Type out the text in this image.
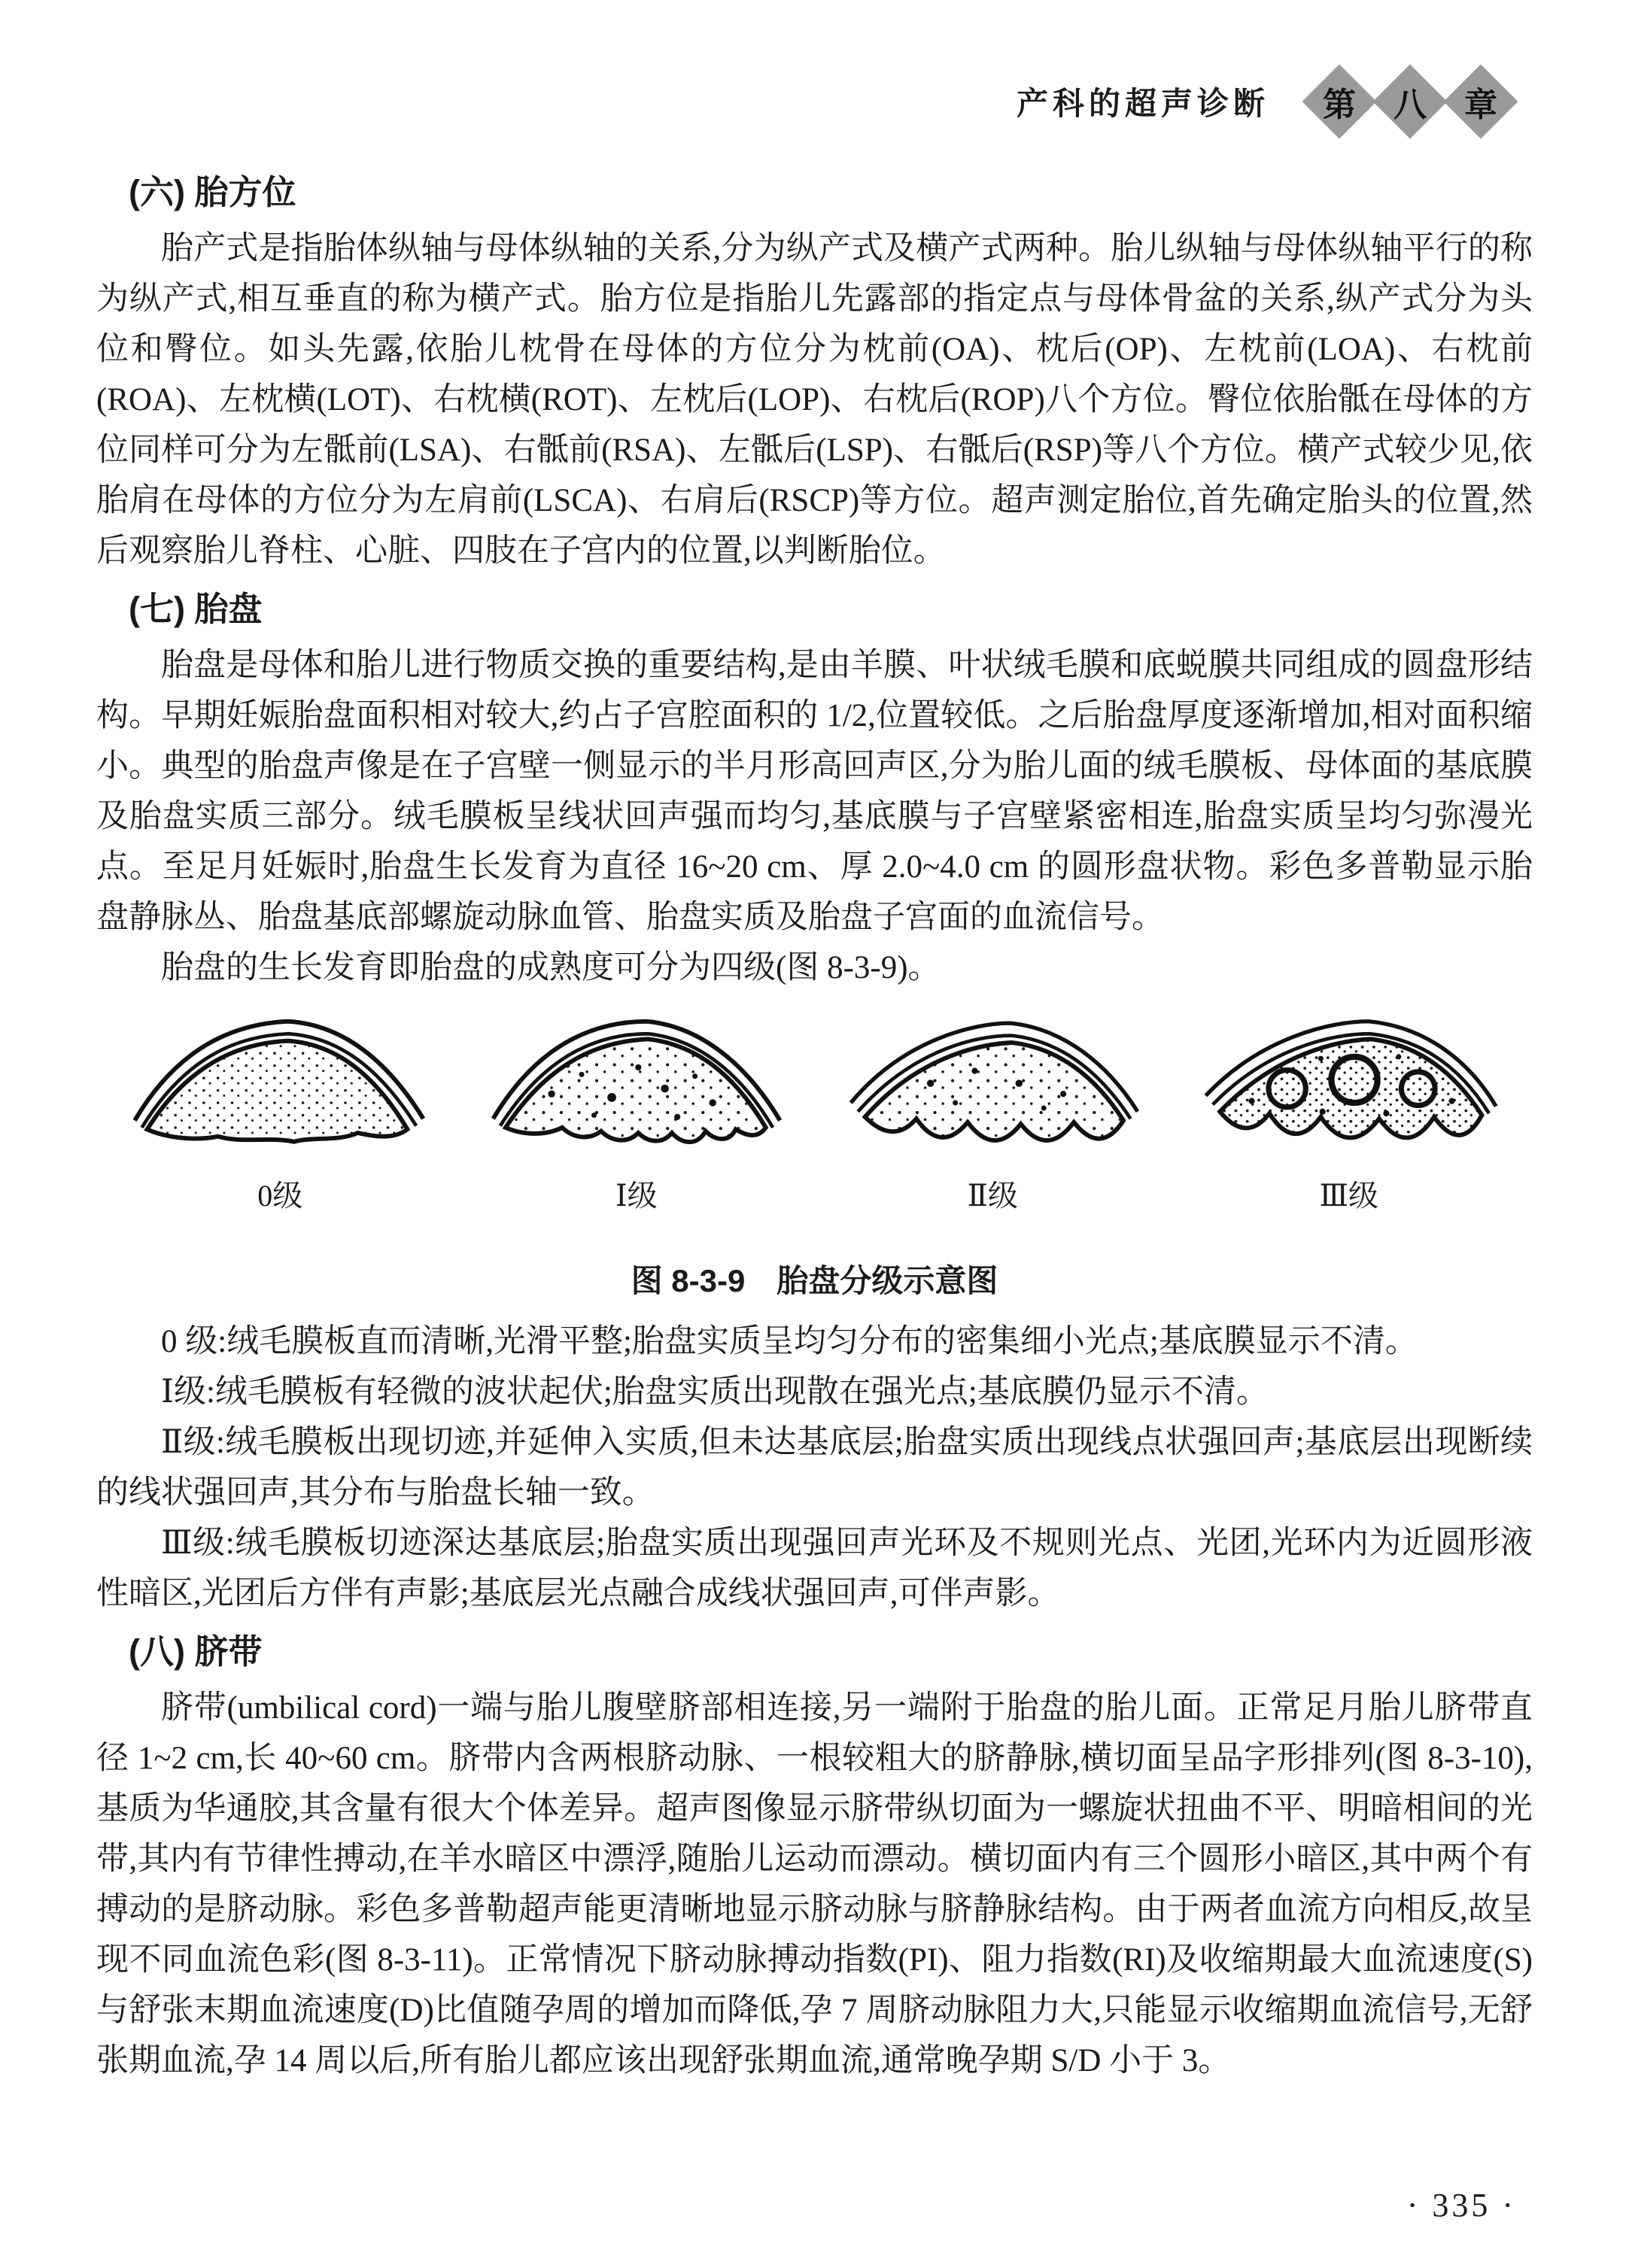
产科的超声诊断 第 八 章
(六) 胎方位

胎产式是指胎体纵轴与母体纵轴的关系,分为纵产式及横产式两种。胎儿纵轴与母体纵轴平行的称为纵产式,相互垂直的称为横产式。胎方位是指胎儿先露部的指定点与母体骨盆的关系,纵产式分为头位和臀位。如头先露,依胎儿枕骨在母体的方位分为枕前(OA)、枕后(OP)、左枕前(LOA)、右枕前(ROA)、左枕横(LOT)、右枕横(ROT)、左枕后(LOP)、右枕后(ROP)八个方位。臀位依胎骶在母体的方位同样可分为左骶前(LSA)、右骶前(RSA)、左骶后(LSP)、右骶后(RSP)等八个方位。横产式较少见,依胎肩在母体的方位分为左肩前(LSCA)、右肩后(RSCP)等方位。超声测定胎位,首先确定胎头的位置,然后观察胎儿脊柱、心脏、四肢在子宫内的位置,以判断胎位。

(七) 胎盘

胎盘是母体和胎儿进行物质交换的重要结构,是由羊膜、叶状绒毛膜和底蜕膜共同组成的圆盘形结构。早期妊娠胎盘面积相对较大,约占子宫腔面积的 1/2,位置较低。之后胎盘厚度逐渐增加,相对面积缩小。典型的胎盘声像是在子宫壁一侧显示的半月形高回声区,分为胎儿面的绒毛膜板、母体面的基底膜及胎盘实质三部分。绒毛膜板呈线状回声强而均匀,基底膜与子宫壁紧密相连,胎盘实质呈均匀弥漫光点。至足月妊娠时,胎盘生长发育为直径 16~20 cm、厚 2.0~4.0 cm 的圆形盘状物。彩色多普勒显示胎盘静脉丛、胎盘基底部螺旋动脉血管、胎盘实质及胎盘子宫面的血流信号。

胎盘的生长发育即胎盘的成熟度可分为四级(图 8-3-9)。

0级	Ⅰ级	Ⅱ级	Ⅲ级
图 8-3-9　胎盘分级示意图

0 级:绒毛膜板直而清晰,光滑平整;胎盘实质呈均匀分布的密集细小光点;基底膜显示不清。

Ⅰ级:绒毛膜板有轻微的波状起伏;胎盘实质出现散在强光点;基底膜仍显示不清。

Ⅱ级:绒毛膜板出现切迹,并延伸入实质,但未达基底层;胎盘实质出现线点状强回声;基底层出现断续的线状强回声,其分布与胎盘长轴一致。

Ⅲ级:绒毛膜板切迹深达基底层;胎盘实质出现强回声光环及不规则光点、光团,光环内为近圆形液性暗区,光团后方伴有声影;基底层光点融合成线状强回声,可伴声影。

(八) 脐带

脐带(umbilical cord)一端与胎儿腹壁脐部相连接,另一端附于胎盘的胎儿面。正常足月胎儿脐带直径 1~2 cm,长 40~60 cm。脐带内含两根脐动脉、一根较粗大的脐静脉,横切面呈品字形排列(图 8-3-10),基质为华通胶,其含量有很大个体差异。超声图像显示脐带纵切面为一螺旋状扭曲不平、明暗相间的光带,其内有节律性搏动,在羊水暗区中漂浮,随胎儿运动而漂动。横切面内有三个圆形小暗区,其中两个有搏动的是脐动脉。彩色多普勒超声能更清晰地显示脐动脉与脐静脉结构。由于两者血流方向相反,故呈现不同血流色彩(图 8-3-11)。正常情况下脐动脉搏动指数(PI)、阻力指数(RI)及收缩期最大血流速度(S)与舒张末期血流速度(D)比值随孕周的增加而降低,孕 7 周脐动脉阻力大,只能显示收缩期血流信号,无舒张期血流,孕 14 周以后,所有胎儿都应该出现舒张期血流,通常晚孕期 S/D 小于 3。

· 335 ·
